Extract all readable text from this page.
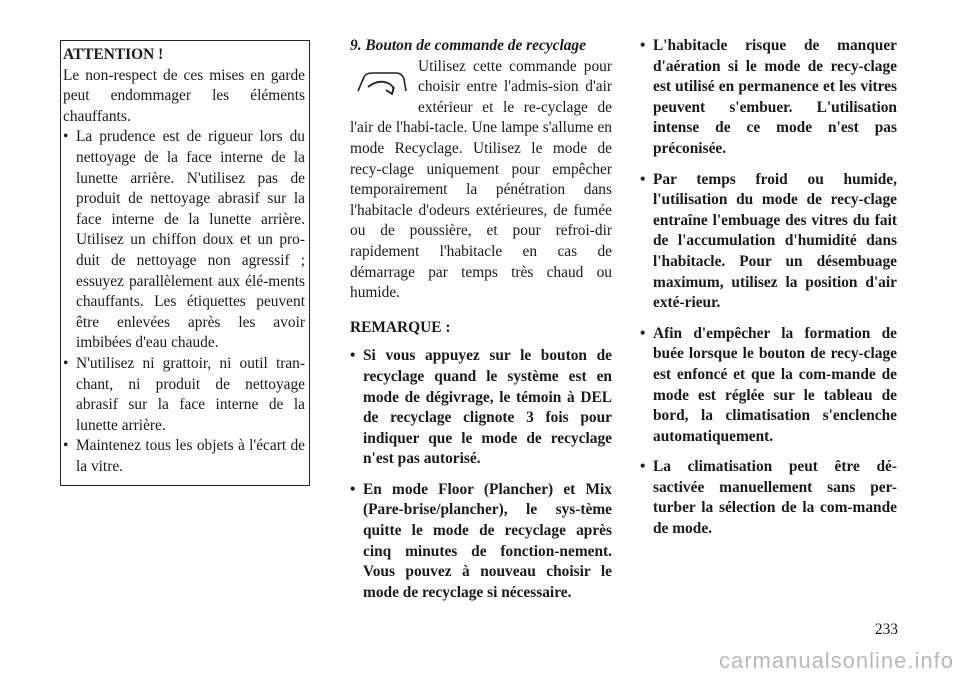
ATTENTION !
Le non-respect de ces mises en garde peut endommager les éléments chauffants.
• La prudence est de rigueur lors du nettoyage de la face interne de la lunette arrière. N'utilisez pas de produit de nettoyage abrasif sur la face interne de la lunette arrière. Utilisez un chiffon doux et un pro-duit de nettoyage non agressif ; essuyez parallèlement aux élé-ments chauffants. Les étiquettes peuvent être enlevées après les avoir imbibées d'eau chaude.
• N'utilisez ni grattoir, ni outil tran-chant, ni produit de nettoyage abrasif sur la face interne de la lunette arrière.
• Maintenez tous les objets à l'écart de la vitre.
9. Bouton de commande de recyclage
Utilisez cette commande pour choisir entre l'admis-sion d'air extérieur et le re-cyclage de l'air de l'habi-tacle. Une lampe s'allume en mode Recyclage. Utilisez le mode de recy-clage uniquement pour empêcher temporairement la pénétration dans l'habitacle d'odeurs extérieures, de fumée ou de poussière, et pour refroi-dir rapidement l'habitacle en cas de démarrage par temps très chaud ou humide.
REMARQUE :
• Si vous appuyez sur le bouton de recyclage quand le système est en mode de dégivrage, le témoin à DEL de recyclage clignote 3 fois pour indiquer que le mode de recyclage n'est pas autorisé.
• En mode Floor (Plancher) et Mix (Pare-brise/plancher), le sys-tème quitte le mode de recyclage après cinq minutes de fonction-nement. Vous pouvez à nouveau choisir le mode de recyclage si nécessaire.
• L'habitacle risque de manquer d'aération si le mode de recy-clage est utilisé en permanence et les vitres peuvent s'embuer. L'utilisation intense de ce mode n'est pas préconisée.
• Par temps froid ou humide, l'utilisation du mode de recy-clage entraîne l'embuage des vitres du fait de l'accumulation d'humidité dans l'habitacle. Pour un désembuage maximum, utilisez la position d'air exté-rieur.
• Afin d'empêcher la formation de buée lorsque le bouton de recy-clage est enfoncé et que la com-mande de mode est réglée sur le tableau de bord, la climatisation s'enclenche automatiquement.
• La climatisation peut être dé-sactivée manuellement sans per-turber la sélection de la com-mande de mode.
233
carmanualsonline.info
